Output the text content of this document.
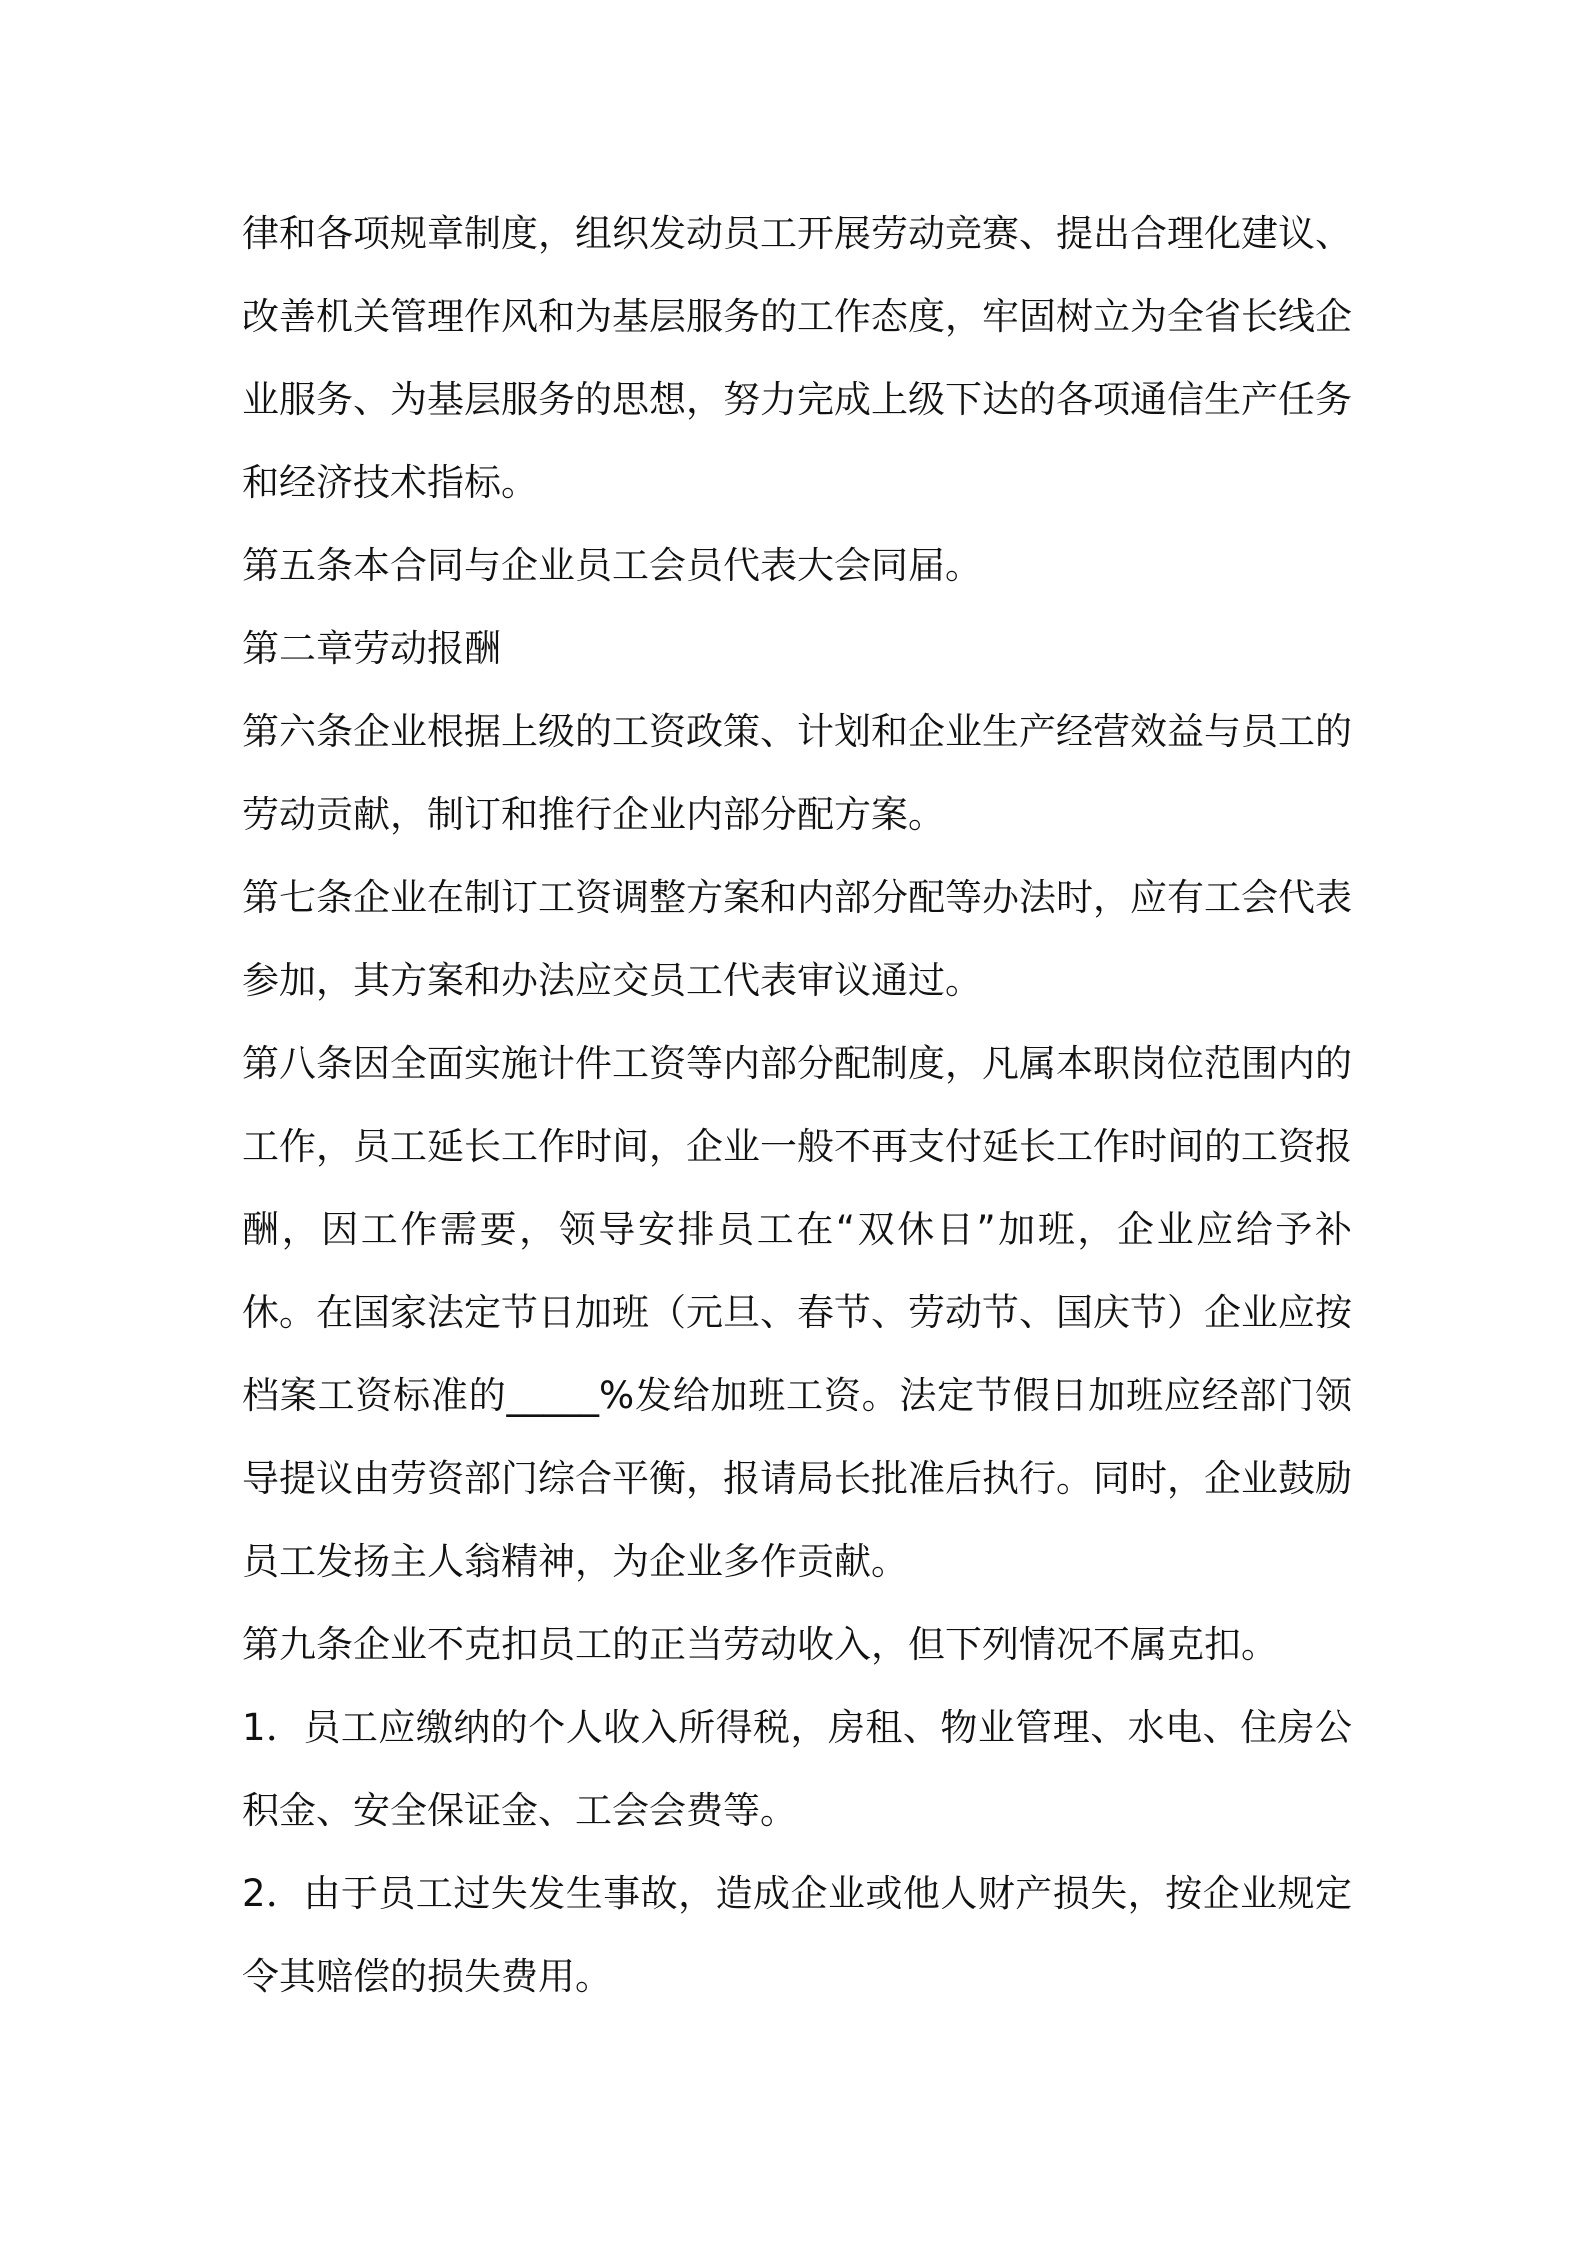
律和各项规章制度，组织发动员工开展劳动竞赛、提出合理化建议、改善机关管理作风和为基层服务的工作态度，牢固树立为全省长线企业服务、为基层服务的思想，努力完成上级下达的各项通信生产任务和经济技术指标。

第五条本合同与企业员工会员代表大会同届。

第二章劳动报酬

第六条企业根据上级的工资政策、计划和企业生产经营效益与员工的劳动贡献，制订和推行企业内部分配方案。

第七条企业在制订工资调整方案和内部分配等办法时，应有工会代表参加，其方案和办法应交员工代表审议通过。

第八条因全面实施计件工资等内部分配制度，凡属本职岗位范围内的工作，员工延长工作时间，企业一般不再支付延长工作时间的工资报酬，因工作需要，领导安排员工在“双休日”加班，企业应给予补休。在国家法定节日加班（元旦、春节、劳动节、国庆节）企业应按档案工资标准的_____%发给加班工资。法定节假日加班应经部门领导提议由劳资部门综合平衡，报请局长批准后执行。同时，企业鼓励员工发扬主人翁精神，为企业多作贡献。

第九条企业不克扣员工的正当劳动收入，但下列情况不属克扣。

1．员工应缴纳的个人收入所得税，房租、物业管理、水电、住房公积金、安全保证金、工会会费等。

2．由于员工过失发生事故，造成企业或他人财产损失，按企业规定令其赔偿的损失费用。
